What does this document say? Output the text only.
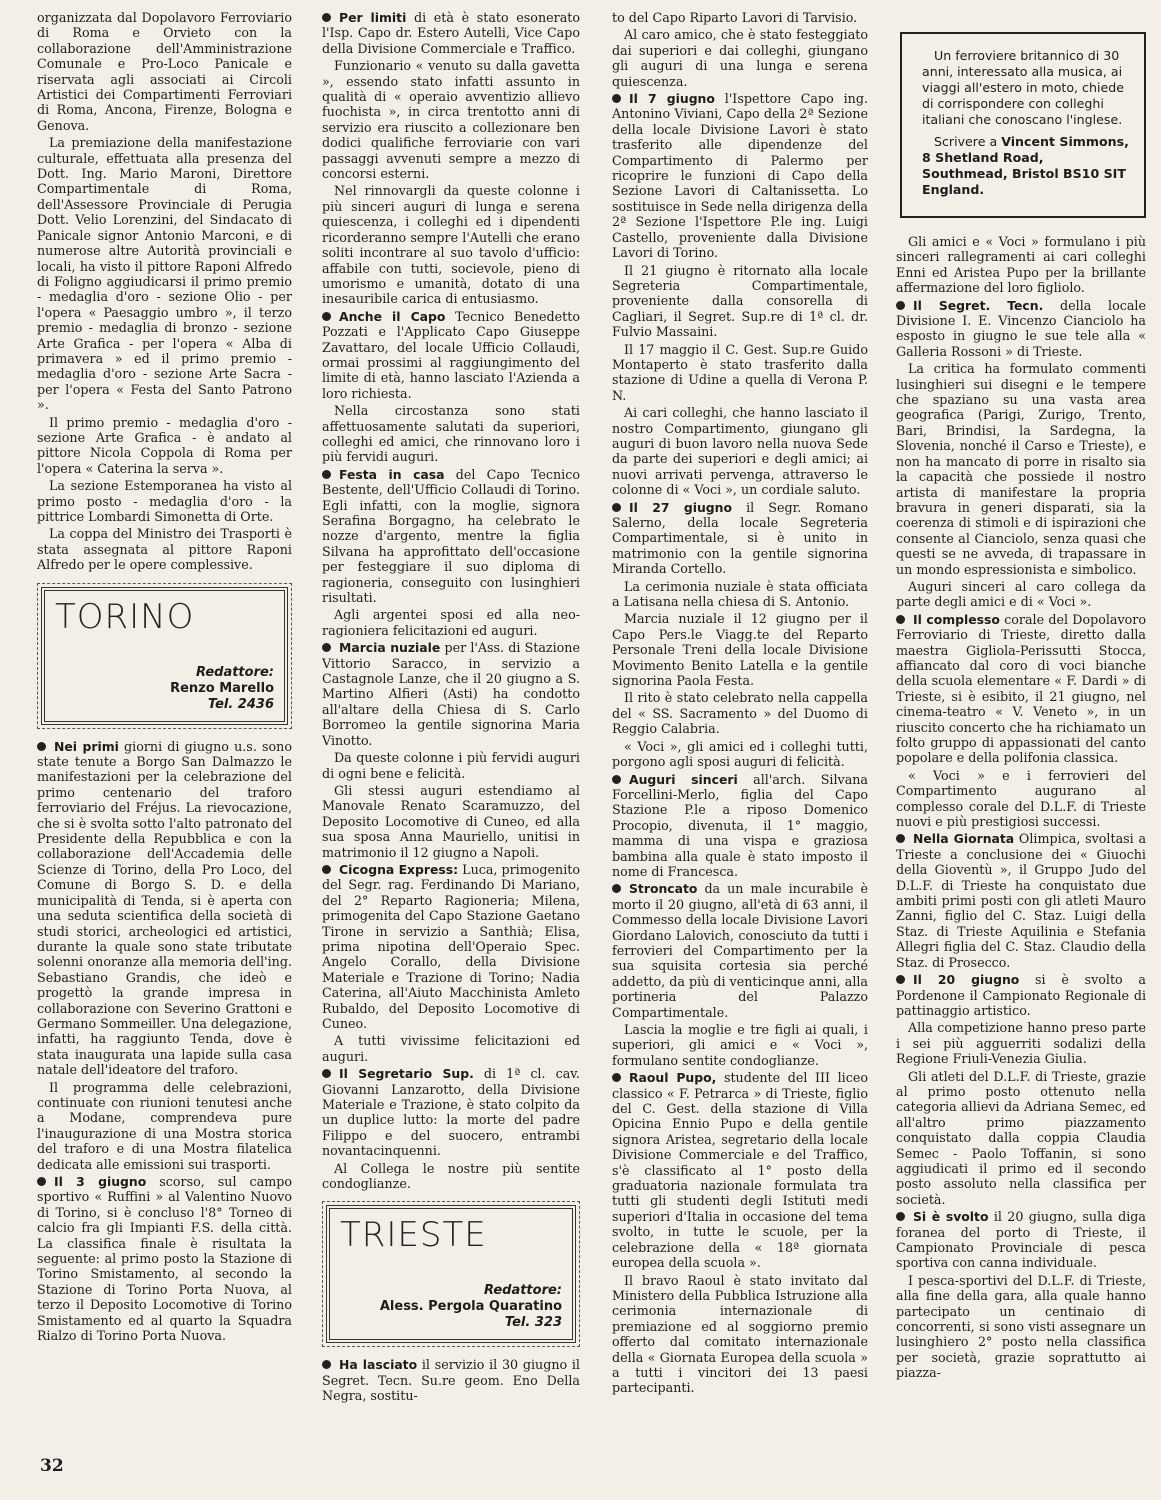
organizzata dal Dopolavoro Ferroviario di Roma e Orvieto con la collaborazione dell'Amministrazione Comunale e Pro-Loco Panicale e riservata agli associati ai Circoli Artistici dei Compartimenti Ferroviari di Roma, Ancona, Firenze, Bologna e Genova.

La premiazione della manifestazione culturale, effettuata alla presenza del Dott. Ing. Mario Maroni, Direttore Compartimentale di Roma, dell'Assessore Provinciale di Perugia Dott. Velio Lorenzini, del Sindacato di Panicale signor Antonio Marconi, e di numerose altre Autorità provinciali e locali, ha visto il pittore Raponi Alfredo di Foligno aggiudicarsi il primo premio - medaglia d'oro - sezione Olio - per l'opera « Paesaggio umbro », il terzo premio - medaglia di bronzo - sezione Arte Grafica - per l'opera « Alba di primavera » ed il primo premio - medaglia d'oro - sezione Arte Sacra - per l'opera « Festa del Santo Patrono ».

Il primo premio - medaglia d'oro - sezione Arte Grafica - è andato al pittore Nicola Coppola di Roma per l'opera « Caterina la serva ».

La sezione Estemporanea ha visto al primo posto - medaglia d'oro - la pittrice Lombardi Simonetta di Orte.

La coppa del Ministro dei Trasporti è stata assegnata al pittore Raponi Alfredo per le opere complessive.

TORINO
Redattore:
Renzo Marello
Tel. 2436

Nei primi giorni di giugno u.s. sono state tenute a Borgo San Dalmazzo le manifestazioni per la celebrazione del primo centenario del traforo ferroviario del Fréjus. La rievocazione, che si è svolta sotto l'alto patronato del Presidente della Repubblica e con la collaborazione dell'Accademia delle Scienze di Torino, della Pro Loco, del Comune di Borgo S. D. e della municipalità di Tenda, si è aperta con una seduta scientifica della società di studi storici, archeologici ed artistici, durante la quale sono state tributate solenni onoranze alla memoria dell'ing. Sebastiano Grandis, che ideò e progettò la grande impresa in collaborazione con Severino Grattoni e Germano Sommeiller. Una delegazione, infatti, ha raggiunto Tenda, dove è stata inaugurata una lapide sulla casa natale dell'ideatore del traforo.

Il programma delle celebrazioni, continuate con riunioni tenutesi anche a Modane, comprendeva pure l'inaugurazione di una Mostra storica del traforo e di una Mostra filatelica dedicata alle emissioni sui trasporti.

Il 3 giugno scorso, sul campo sportivo « Ruffini » al Valentino Nuovo di Torino, si è concluso l'8° Torneo di calcio fra gli Impianti F.S. della città. La classifica finale è risultata la seguente: al primo posto la Stazione di Torino Smistamento, al secondo la Stazione di Torino Porta Nuova, al terzo il Deposito Locomotive di Torino Smistamento ed al quarto la Squadra Rialzo di Torino Porta Nuova.

Per limiti di età è stato esonerato l'Isp. Capo dr. Estero Autelli, Vice Capo della Divisione Commerciale e Traffico.

Funzionario « venuto su dalla gavetta », essendo stato infatti assunto in qualità di « operaio avventizio allievo fuochista », in circa trentotto anni di servizio era riuscito a collezionare ben dodici qualifiche ferroviarie con vari passaggi avvenuti sempre a mezzo di concorsi esterni.

Nel rinnovargli da queste colonne i più sinceri auguri di lunga e serena quiescenza, i colleghi ed i dipendenti ricorderanno sempre l'Autelli che erano soliti incontrare al suo tavolo d'ufficio: affabile con tutti, socievole, pieno di umorismo e umanità, dotato di una inesauribile carica di entusiasmo.

Anche il Capo Tecnico Benedetto Pozzati e l'Applicato Capo Giuseppe Zavattaro, del locale Ufficio Collaudi, ormai prossimi al raggiungimento del limite di età, hanno lasciato l'Azienda a loro richiesta.

Nella circostanza sono stati affettuosamente salutati da superiori, colleghi ed amici, che rinnovano loro i più fervidi auguri.

Festa in casa del Capo Tecnico Bestente, dell'Ufficio Collaudi di Torino. Egli infatti, con la moglie, signora Serafina Borgagno, ha celebrato le nozze d'argento, mentre la figlia Silvana ha approfittato dell'occasione per festeggiare il suo diploma di ragioneria, conseguito con lusinghieri risultati.

Agli argentei sposi ed alla neo-ragioniera felicitazioni ed auguri.

Marcia nuziale per l'Ass. di Stazione Vittorio Saracco, in servizio a Castagnole Lanze, che il 20 giugno a S. Martino Alfieri (Asti) ha condotto all'altare della Chiesa di S. Carlo Borromeo la gentile signorina Maria Vinotto.

Da queste colonne i più fervidi auguri di ogni bene e felicità.

Gli stessi auguri estendiamo al Manovale Renato Scaramuzzo, del Deposito Locomotive di Cuneo, ed alla sua sposa Anna Mauriello, unitisi in matrimonio il 12 giugno a Napoli.

Cicogna Express: Luca, primogenito del Segr. rag. Ferdinando Di Mariano, del 2° Reparto Ragioneria; Milena, primogenita del Capo Stazione Gaetano Tirone in servizio a Santhià; Elisa, prima nipotina dell'Operaio Spec. Angelo Corallo, della Divisione Materiale e Trazione di Torino; Nadia Caterina, all'Aiuto Macchinista Amleto Rubaldo, del Deposito Locomotive di Cuneo.

A tutti vivissime felicitazioni ed auguri.

Il Segretario Sup. di 1ª cl. cav. Giovanni Lanzarotto, della Divisione Materiale e Trazione, è stato colpito da un duplice lutto: la morte del padre Filippo e del suocero, entrambi novantacinquenni.

Al Collega le nostre più sentite condoglianze.

TRIESTE
Redattore:
Aless. Pergola Quaratino
Tel. 323

Ha lasciato il servizio il 30 giugno il Segret. Tecn. Su.re geom. Eno Della Negra, sostitu-

to del Capo Riparto Lavori di Tarvisio.

Al caro amico, che è stato festeggiato dai superiori e dai colleghi, giungano gli auguri di una lunga e serena quiescenza.

Il 7 giugno l'Ispettore Capo ing. Antonino Viviani, Capo della 2ª Sezione della locale Divisione Lavori è stato trasferito alle dipendenze del Compartimento di Palermo per ricoprire le funzioni di Capo della Sezione Lavori di Caltanissetta. Lo sostituisce in Sede nella dirigenza della 2ª Sezione l'Ispettore P.le ing. Luigi Castello, proveniente dalla Divisione Lavori di Torino.

Il 21 giugno è ritornato alla locale Segreteria Compartimentale, proveniente dalla consorella di Cagliari, il Segret. Sup.re di 1ª cl. dr. Fulvio Massaini.

Il 17 maggio il C. Gest. Sup.re Guido Montaperto è stato trasferito dalla stazione di Udine a quella di Verona P. N.

Ai cari colleghi, che hanno lasciato il nostro Compartimento, giungano gli auguri di buon lavoro nella nuova Sede da parte dei superiori e degli amici; ai nuovi arrivati pervenga, attraverso le colonne di « Voci », un cordiale saluto.

Il 27 giugno il Segr. Romano Salerno, della locale Segreteria Compartimentale, si è unito in matrimonio con la gentile signorina Miranda Cortello.

La cerimonia nuziale è stata officiata a Latisana nella chiesa di S. Antonio.

Marcia nuziale il 12 giugno per il Capo Pers.le Viagg.te del Reparto Personale Treni della locale Divisione Movimento Benito Latella e la gentile signorina Paola Festa.

Il rito è stato celebrato nella cappella del « SS. Sacramento » del Duomo di Reggio Calabria.

« Voci », gli amici ed i colleghi tutti, porgono agli sposi auguri di felicità.

Auguri sinceri all'arch. Silvana Forcellini-Merlo, figlia del Capo Stazione P.le a riposo Domenico Procopio, divenuta, il 1° maggio, mamma di una vispa e graziosa bambina alla quale è stato imposto il nome di Francesca.

Stroncato da un male incurabile è morto il 20 giugno, all'età di 63 anni, il Commesso della locale Divisione Lavori Giordano Lalovich, conosciuto da tutti i ferrovieri del Compartimento per la sua squisita cortesia sia perché addetto, da più di venticinque anni, alla portineria del Palazzo Compartimentale.

Lascia la moglie e tre figli ai quali, i superiori, gli amici e « Voci », formulano sentite condoglianze.

Raoul Pupo, studente del III liceo classico « F. Petrarca » di Trieste, figlio del C. Gest. della stazione di Villa Opicina Ennio Pupo e della gentile signora Aristea, segretario della locale Divisione Commerciale e del Traffico, s'è classificato al 1° posto della graduatoria nazionale formulata tra tutti gli studenti degli Istituti medi superiori d'Italia in occasione del tema svolto, in tutte le scuole, per la celebrazione della « 18ª giornata europea della scuola ».

Il bravo Raoul è stato invitato dal Ministero della Pubblica Istruzione alla cerimonia internazionale di premiazione ed al soggiorno premio offerto dal comitato internazionale della « Giornata Europea della scuola » a tutti i vincitori dei 13 paesi partecipanti.

Un ferroviere britannico di 30 anni, interessato alla musica, ai viaggi all'estero in moto, chiede di corrispondere con colleghi italiani che conoscano l'inglese.

Scrivere a Vincent Simmons, 8 Shetland Road, Southmead, Bristol BS10 SIT England.

Gli amici e « Voci » formulano i più sinceri rallegramenti ai cari colleghi Enni ed Aristea Pupo per la brillante affermazione del loro figliolo.

Il Segret. Tecn. della locale Divisione I. E. Vincenzo Cianciolo ha esposto in giugno le sue tele alla « Galleria Rossoni » di Trieste.

La critica ha formulato commenti lusinghieri sui disegni e le tempere che spaziano su una vasta area geografica (Parigi, Zurigo, Trento, Bari, Brindisi, la Sardegna, la Slovenia, nonché il Carso e Trieste), e non ha mancato di porre in risalto sia la capacità che possiede il nostro artista di manifestare la propria bravura in generi disparati, sia la coerenza di stimoli e di ispirazioni che consente al Cianciolo, senza quasi che questi se ne avveda, di trapassare in un mondo espressionista e simbolico.

Auguri sinceri al caro collega da parte degli amici e di « Voci ».

Il complesso corale del Dopolavoro Ferroviario di Trieste, diretto dalla maestra Gigliola-Perissutti Stocca, affiancato dal coro di voci bianche della scuola elementare « F. Dardi » di Trieste, si è esibito, il 21 giugno, nel cinema-teatro « V. Veneto », in un riuscito concerto che ha richiamato un folto gruppo di appassionati del canto popolare e della polifonia classica.

« Voci » e i ferrovieri del Compartimento augurano al complesso corale del D.L.F. di Trieste nuovi e più prestigiosi successi.

Nella Giornata Olimpica, svoltasi a Trieste a conclusione dei « Giuochi della Gioventù », il Gruppo Judo del D.L.F. di Trieste ha conquistato due ambiti primi posti con gli atleti Mauro Zanni, figlio del C. Staz. Luigi della Staz. di Trieste Aquilinia e Stefania Allegri figlia del C. Staz. Claudio della Staz. di Prosecco.

Il 20 giugno si è svolto a Pordenone il Campionato Regionale di pattinaggio artistico.

Alla competizione hanno preso parte i sei più agguerriti sodalizi della Regione Friuli-Venezia Giulia.

Gli atleti del D.L.F. di Trieste, grazie al primo posto ottenuto nella categoria allievi da Adriana Semec, ed all'altro primo piazzamento conquistato dalla coppia Claudia Semec - Paolo Toffanin, si sono aggiudicati il primo ed il secondo posto assoluto nella classifica per società.

Si è svolto il 20 giugno, sulla diga foranea del porto di Trieste, il Campionato Provinciale di pesca sportiva con canna individuale.

I pesca-sportivi del D.L.F. di Trieste, alla fine della gara, alla quale hanno partecipato un centinaio di concorrenti, si sono visti assegnare un lusinghiero 2° posto nella classifica per società, grazie soprattutto ai piazza-

32
